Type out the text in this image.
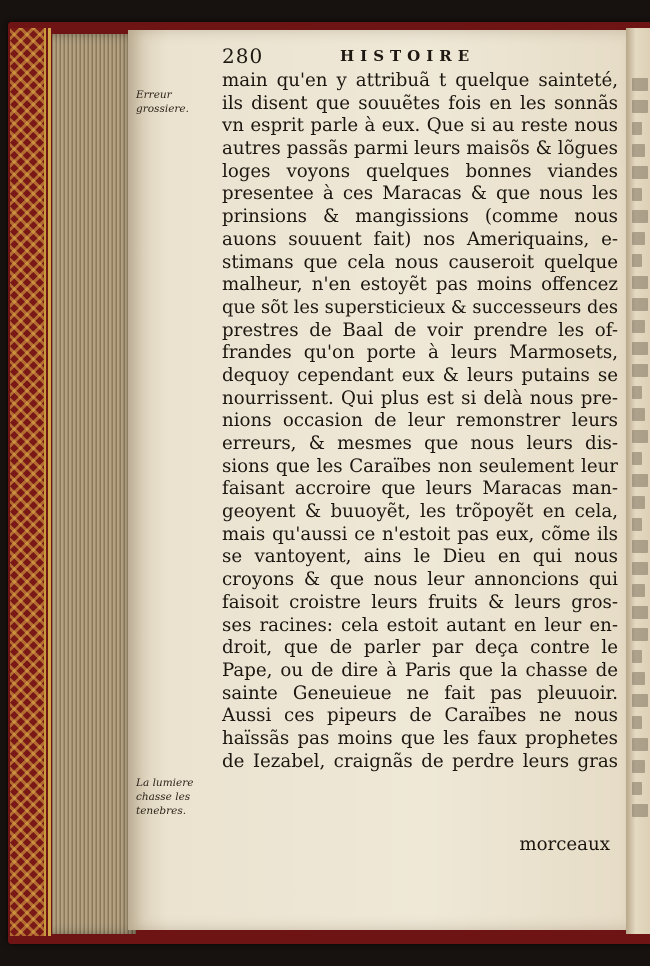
280	HISTOIRE
Erreur grossiere.
La lumiere chasse les tenebres.
main qu'en y attribuã t quelque sainteté,
ils disent que souuẽtes fois en les sonnãs
vn esprit parle à eux. Que si au reste nous
autres passãs parmi leurs maisõs & lõgues
loges voyons quelques bonnes viandes
presentee à ces Maracas & que nous les
prinsions & mangissions (comme nous
auons souuent fait) nos Ameriquains, e-
stimans que cela nous causeroit quelque
malheur, n'en estoyẽt pas moins offencez
que sõt les supersticieux & successeurs des
prestres de Baal de voir prendre les of-
frandes qu'on porte à leurs Marmosets,
dequoy cependant eux & leurs putains se
nourrissent. Qui plus est si delà nous pre-
nions occasion de leur remonstrer leurs
erreurs, & mesmes que nous leurs dis-
sions que les Caraïbes non seulement leur
faisant accroire que leurs Maracas man-
geoyent & buuoyẽt, les trõpoyẽt en cela,
mais qu'aussi ce n'estoit pas eux, cõme ils
se vantoyent, ains le Dieu en qui nous
croyons & que nous leur annoncions qui
faisoit croistre leurs fruits & leurs gros-
ses racines: cela estoit autant en leur en-
droit, que de parler par deça contre le
Pape, ou de dire à Paris que la chasse de
sainte Geneuieue ne fait pas pleuuoir.
Aussi ces pipeurs de Caraïbes ne nous
haïssãs pas moins que les faux prophetes
de Iezabel, craignãs de perdre leurs gras
morceaux
